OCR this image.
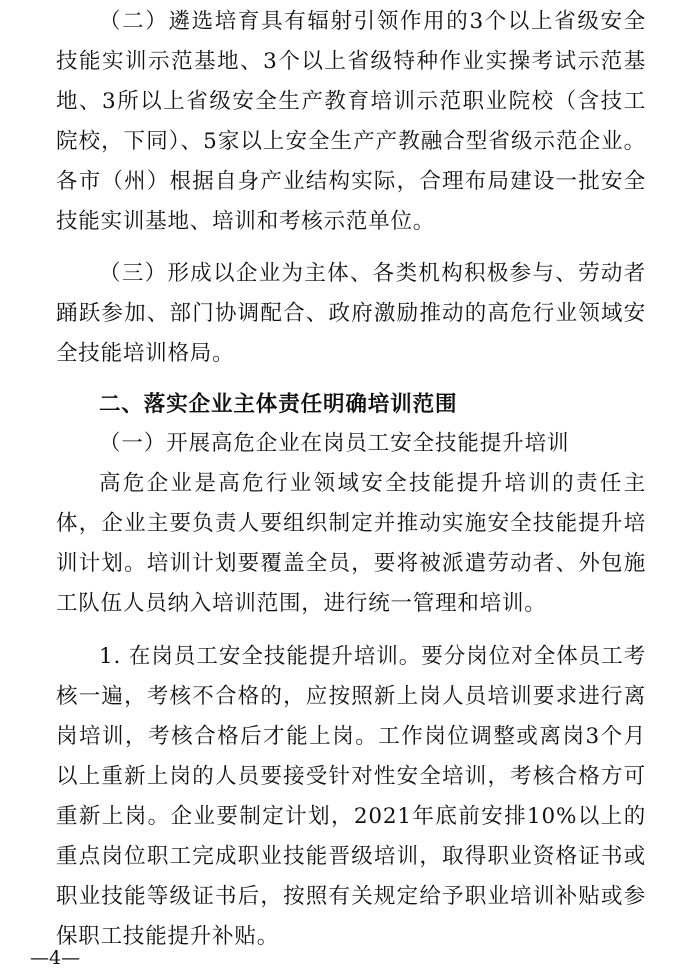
（二）遴选培育具有辐射引领作用的3个以上省级安全技能实训示范基地、3个以上省级特种作业实操考试示范基地、3所以上省级安全生产教育培训示范职业院校（含技工院校，下同）、5家以上安全生产产教融合型省级示范企业。各市（州）根据自身产业结构实际，合理布局建设一批安全技能实训基地、培训和考核示范单位。

（三）形成以企业为主体、各类机构积极参与、劳动者踊跃参加、部门协调配合、政府激励推动的高危行业领域安全技能培训格局。

二、落实企业主体责任明确培训范围

（一）开展高危企业在岗员工安全技能提升培训

高危企业是高危行业领域安全技能提升培训的责任主体，企业主要负责人要组织制定并推动实施安全技能提升培训计划。培训计划要覆盖全员，要将被派遣劳动者、外包施工队伍人员纳入培训范围，进行统一管理和培训。

1. 在岗员工安全技能提升培训。要分岗位对全体员工考核一遍，考核不合格的，应按照新上岗人员培训要求进行离岗培训，考核合格后才能上岗。工作岗位调整或离岗3个月以上重新上岗的人员要接受针对性安全培训，考核合格方可重新上岗。企业要制定计划，2021年底前安排10%以上的重点岗位职工完成职业技能晋级培训，取得职业资格证书或职业技能等级证书后，按照有关规定给予职业培训补贴或参保职工技能提升补贴。

—4—
